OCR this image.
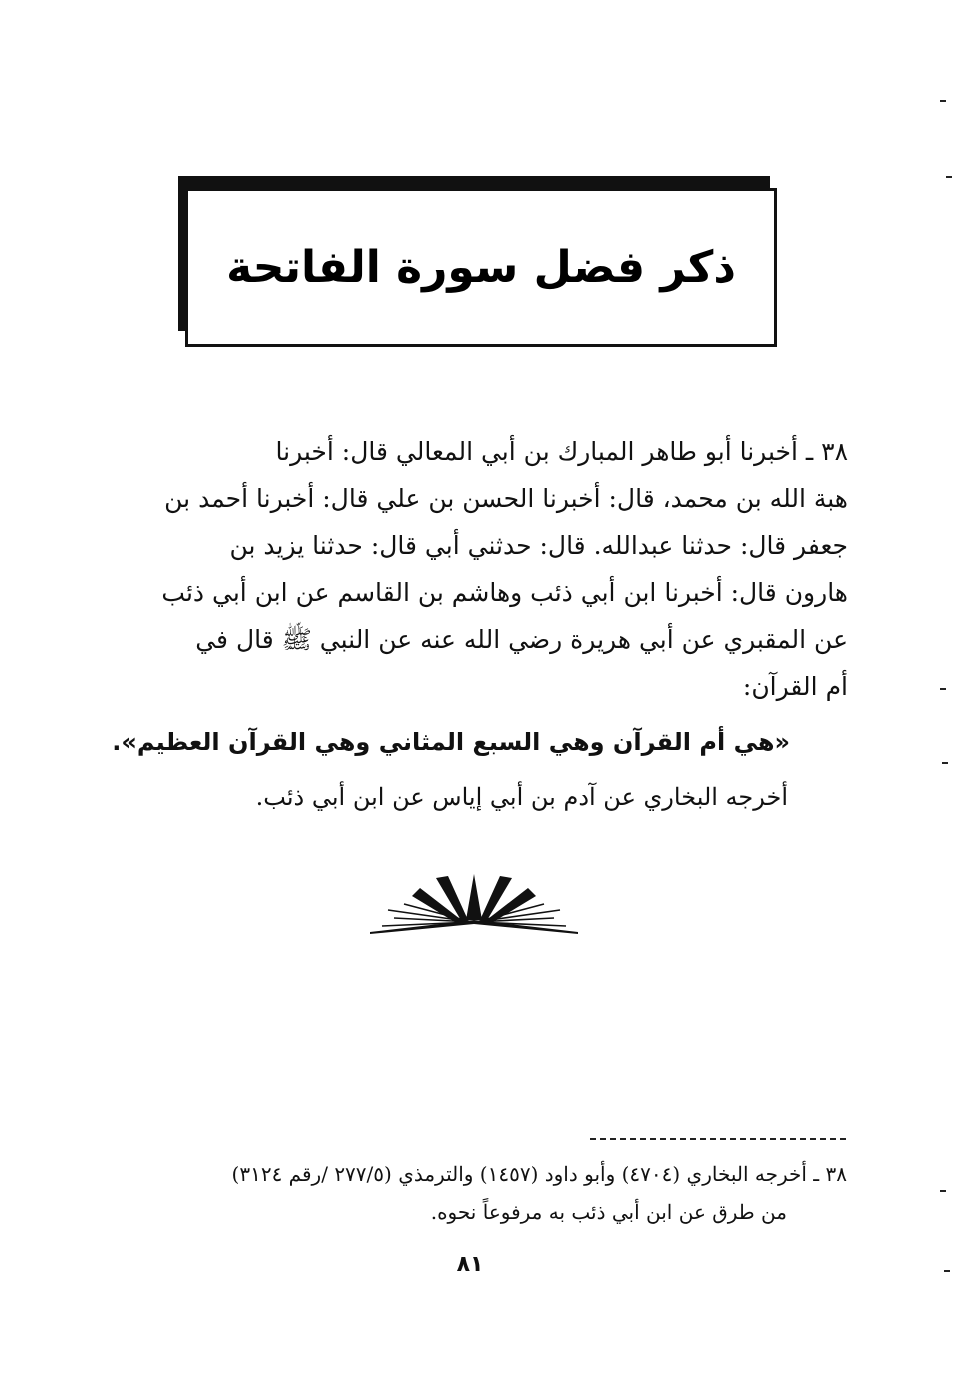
ذكر فضل سورة الفاتحة

٣٨ ـ أخبرنا أبو طاهر المبارك بن أبي المعالي قال: أخبرنا

هبة الله بن محمد، قال: أخبرنا الحسن بن علي قال: أخبرنا أحمد بن

جعفر قال: حدثنا عبدالله. قال: حدثني أبي قال: حدثنا يزيد بن

هارون قال: أخبرنا ابن أبي ذئب وهاشم بن القاسم عن ابن أبي ذئب

عن المقبري عن أبي هريرة رضي الله عنه عن النبي ﷺ قال في

أم القرآن:

«هي أم القرآن وهي السبع المثاني وهي القرآن العظيم».
أخرجه البخاري عن آدم بن أبي إياس عن ابن أبي ذئب.

٣٨ ـ أخرجه البخاري (٤٧٠٤) وأبو داود (١٤٥٧) والترمذي (٢٧٧/٥ /رقم ٣١٢٤)

من طرق عن ابن أبي ذئب به مرفوعاً نحوه.

٨١
